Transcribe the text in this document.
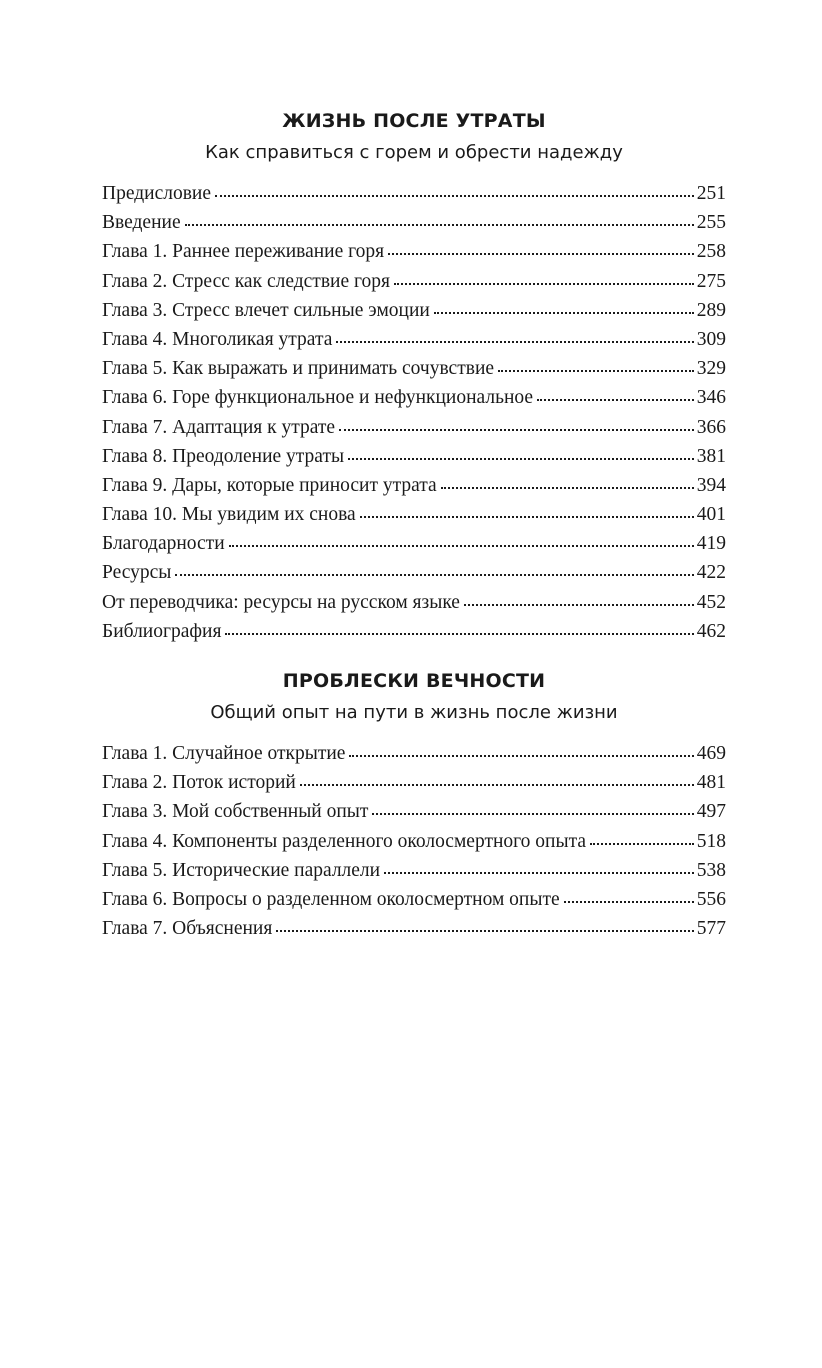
ЖИЗНЬ ПОСЛЕ УТРАТЫ
Как справиться с горем и обрести надежду
Предисловие	251
Введение	255
Глава 1. Раннее переживание горя	258
Глава 2. Стресс как следствие горя	275
Глава 3. Стресс влечет сильные эмоции	289
Глава 4. Многоликая утрата	309
Глава 5. Как выражать и принимать сочувствие	329
Глава 6. Горе функциональное и нефункциональное	346
Глава 7. Адаптация к утрате	366
Глава 8. Преодоление утраты	381
Глава 9. Дары, которые приносит утрата	394
Глава 10. Мы увидим их снова	401
Благодарности	419
Ресурсы	422
От переводчика: ресурсы на русском языке	452
Библиография	462
ПРОБЛЕСКИ ВЕЧНОСТИ
Общий опыт на пути в жизнь после жизни
Глава 1. Случайное открытие	469
Глава 2. Поток историй	481
Глава 3. Мой собственный опыт	497
Глава 4. Компоненты разделенного околосмертного опыта	518
Глава 5. Исторические параллели	538
Глава 6. Вопросы о разделенном околосмертном опыте	556
Глава 7. Объяснения	577
